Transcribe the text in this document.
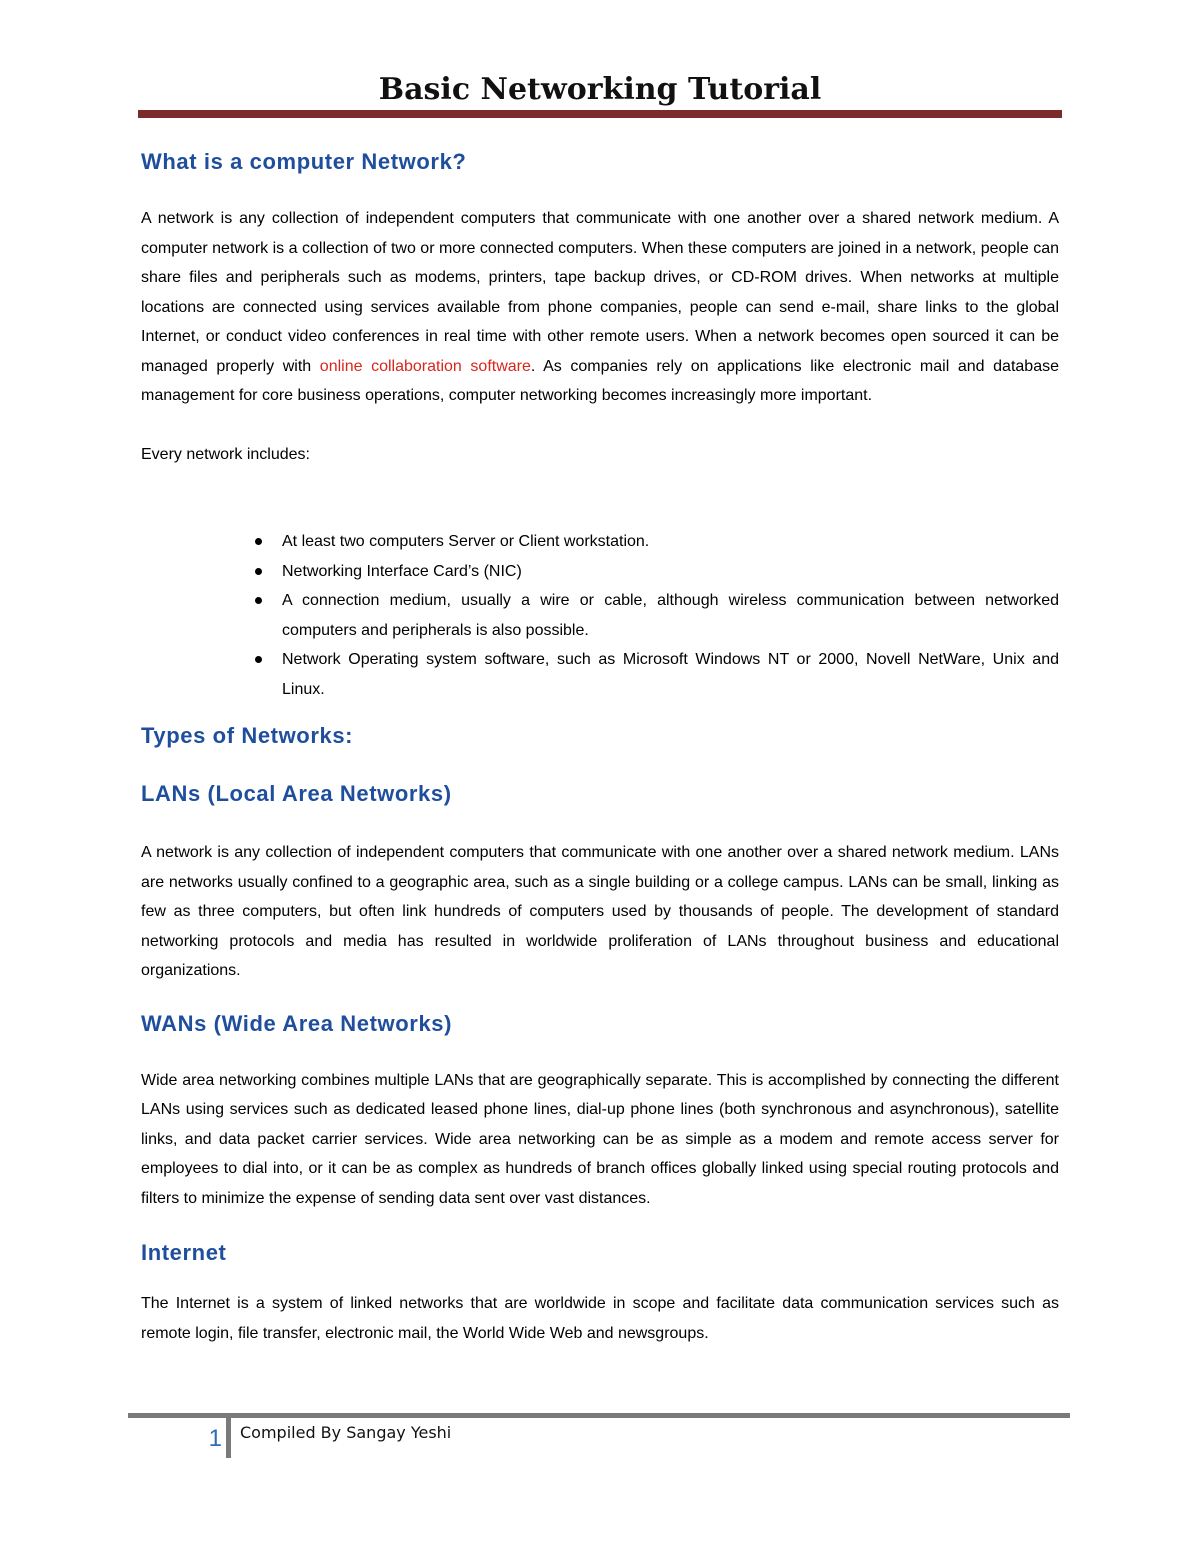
Basic Networking Tutorial
What is a computer Network?

A network is any collection of independent computers that communicate with one another over a shared network medium. A computer network is a collection of two or more connected computers. When these computers are joined in a network, people can share files and peripherals such as modems, printers, tape backup drives, or CD-ROM drives. When networks at multiple locations are connected using services available from phone companies, people can send e-mail, share links to the global Internet, or conduct video conferences in real time with other remote users. When a network becomes open sourced it can be managed properly with online collaboration software. As companies rely on applications like electronic mail and database management for core business operations, computer networking becomes increasingly more important.

Every network includes:

At least two computers Server or Client workstation.
Networking Interface Card’s (NIC)
A connection medium, usually a wire or cable, although wireless communication between networked computers and peripherals is also possible.
Network Operating system software, such as Microsoft Windows NT or 2000, Novell NetWare, Unix and Linux.
Types of Networks:
LANs (Local Area Networks)

A network is any collection of independent computers that communicate with one another over a shared network medium. LANs are networks usually confined to a geographic area, such as a single building or a college campus. LANs can be small, linking as few as three computers, but often link hundreds of computers used by thousands of people. The development of standard networking protocols and media has resulted in worldwide proliferation of LANs throughout business and educational organizations.

WANs (Wide Area Networks)

Wide area networking combines multiple LANs that are geographically separate. This is accomplished by connecting the different LANs using services such as dedicated leased phone lines, dial-up phone lines (both synchronous and asynchronous), satellite links, and data packet carrier services. Wide area networking can be as simple as a modem and remote access server for employees to dial into, or it can be as complex as hundreds of branch offices globally linked using special routing protocols and filters to minimize the expense of sending data sent over vast distances.

Internet

The Internet is a system of linked networks that are worldwide in scope and facilitate data communication services such as remote login, file transfer, electronic mail, the World Wide Web and newsgroups.

1 Compiled By Sangay Yeshi
